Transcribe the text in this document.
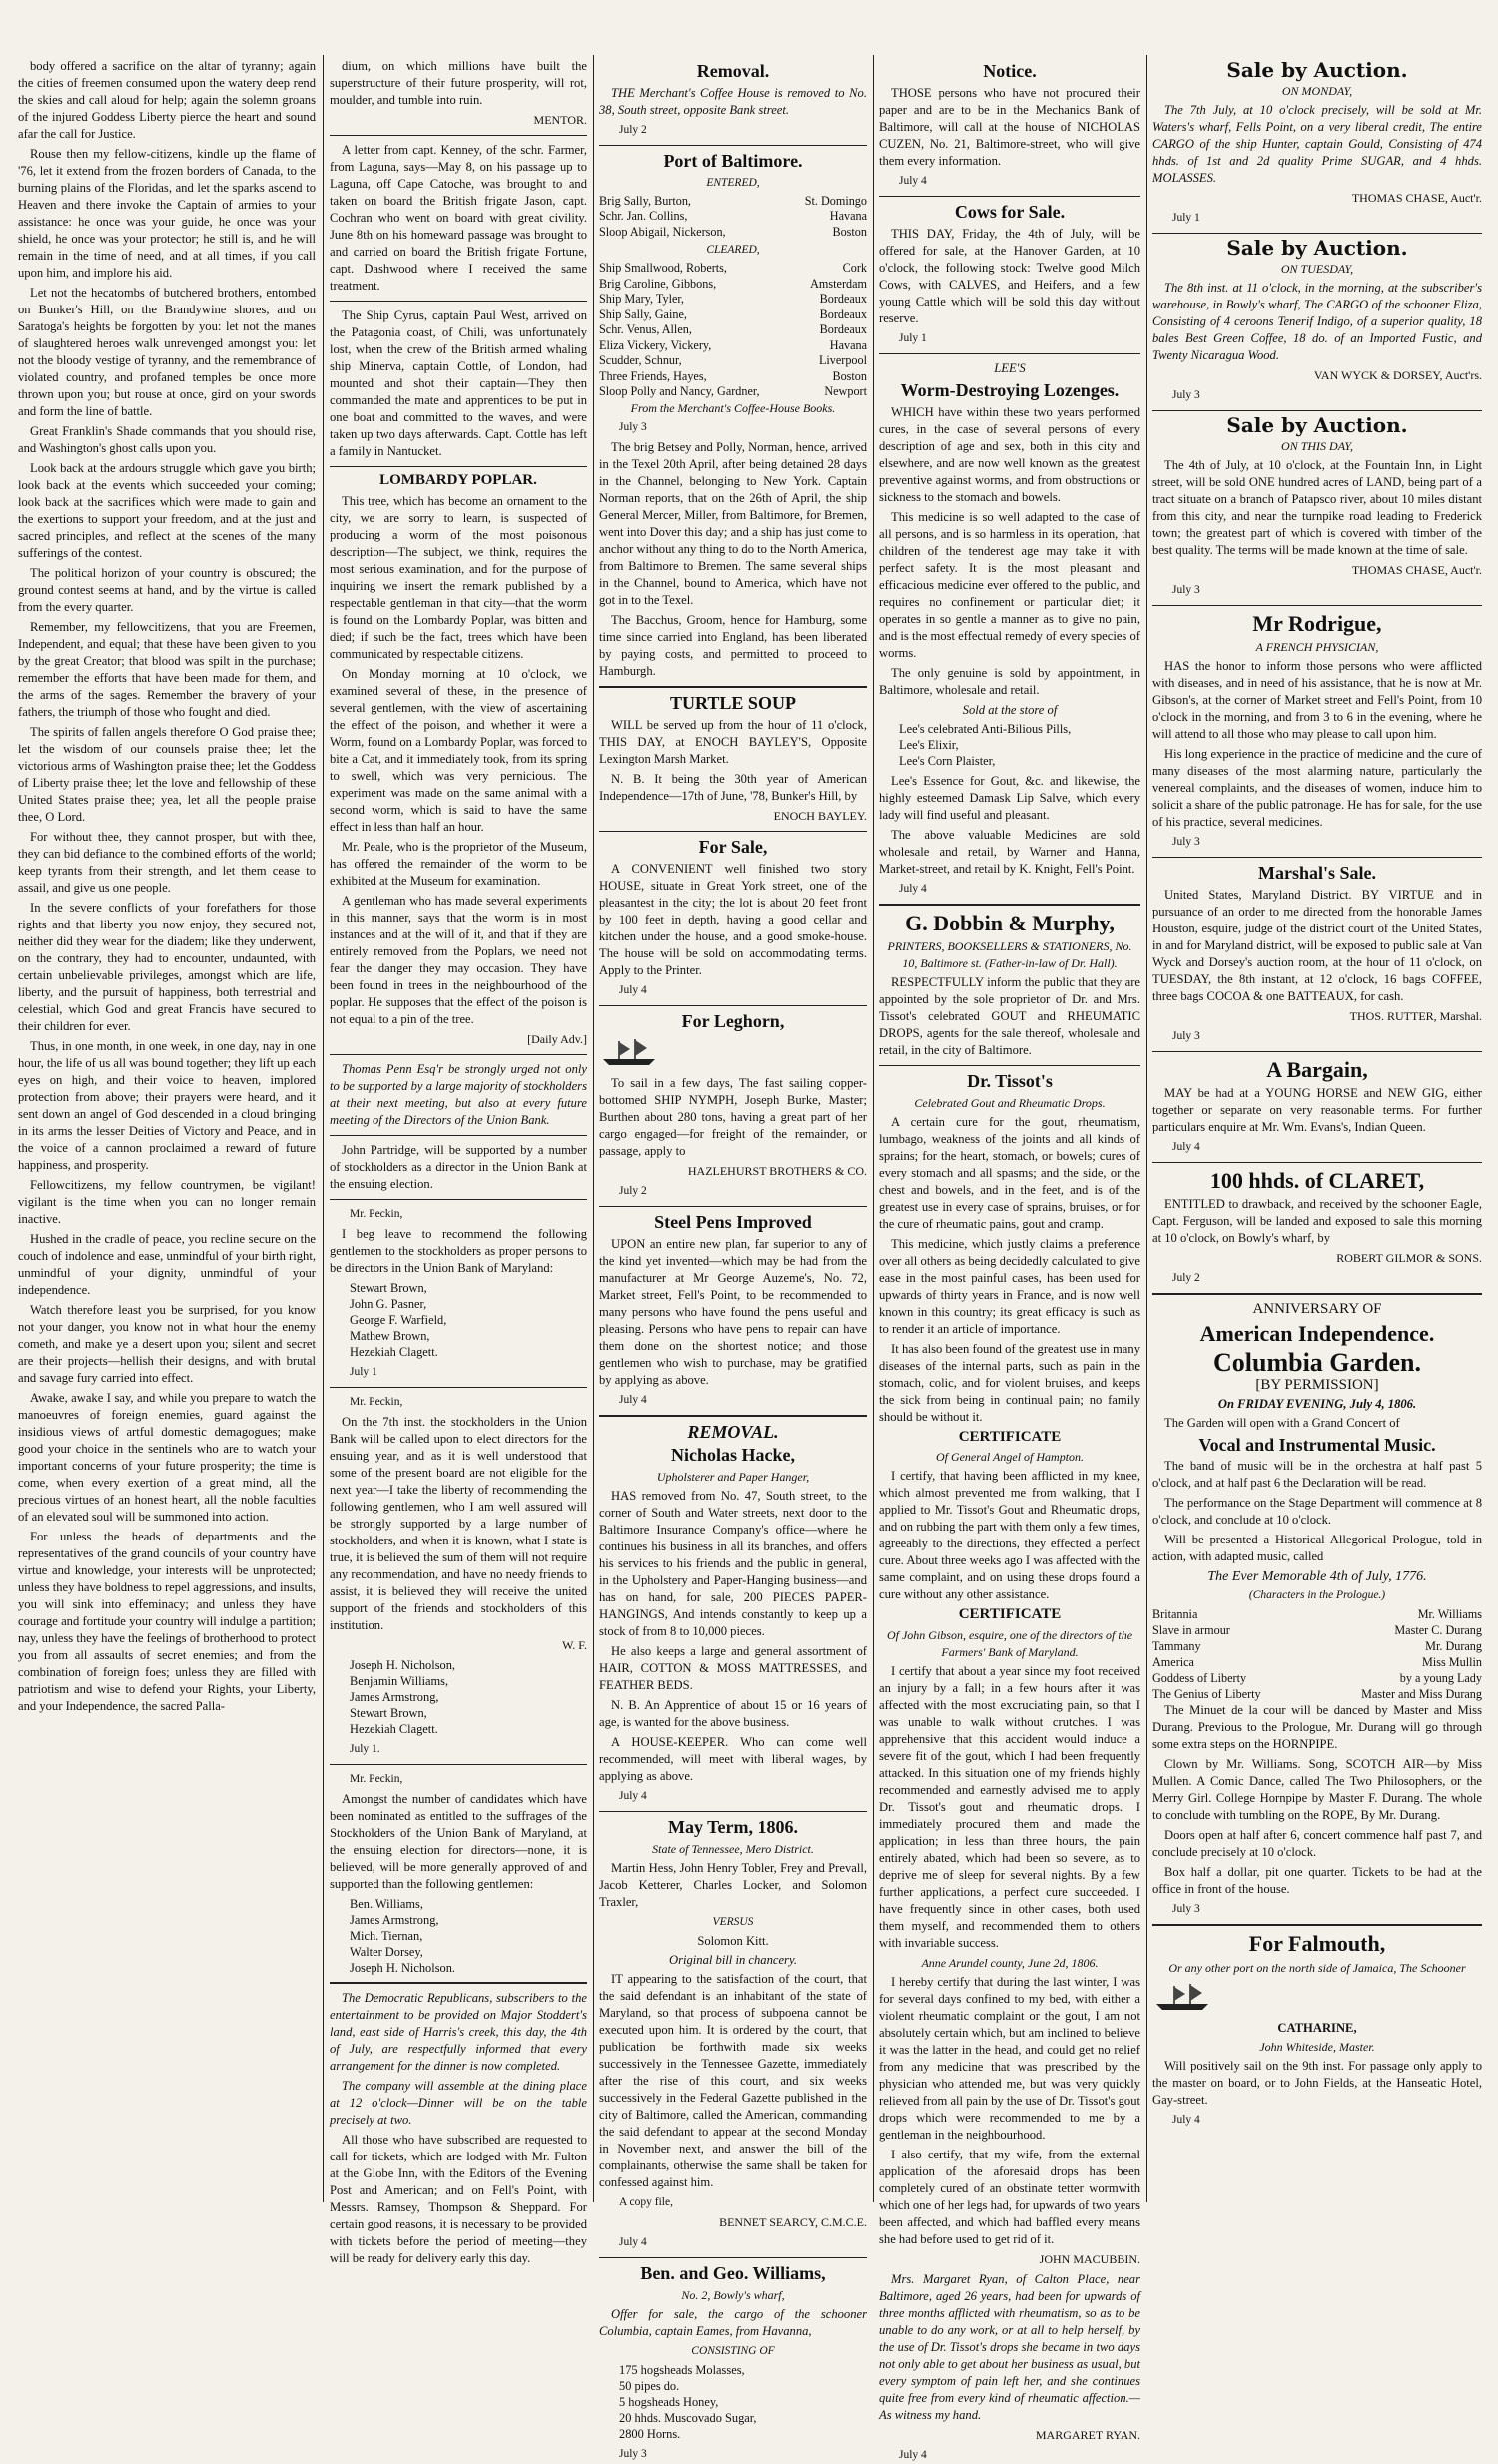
body offered a sacrifice on the altar of tyranny; again the cities of freemen consumed upon the watery deep rend the skies and call aloud for help; again the solemn groans of the injured Goddess Liberty pierce the heart and sound afar the call for Justice.

Rouse then my fellow-citizens, kindle up the flame of '76, let it extend from the frozen borders of Canada, to the burning plains of the Floridas, and let the sparks ascend to Heaven and there invoke the Captain of armies to your assistance: he once was your guide, he once was your shield, he once was your protector; he still is, and he will remain in the time of need, and at all times, if you call upon him, and implore his aid.

Let not the hecatombs of butchered brothers, entombed on Bunker's Hill, on the Brandywine shores, and on Saratoga's heights be forgotten by you: let not the manes of slaughtered heroes walk unrevenged amongst you: let not the bloody vestige of tyranny, and the remembrance of violated country, and profaned temples be once more thrown upon you; but rouse at once, gird on your swords and form the line of battle.

Great Franklin's Shade commands that you should rise, and Washington's ghost calls upon you.

Look back at the ardours struggle which gave you birth; look back at the events which succeeded your coming; look back at the sacrifices which were made to gain and the exertions to support your freedom, and at the just and sacred principles, and reflect at the scenes of the many sufferings of the contest.

The political horizon of your country is obscured; the ground contest seems at hand, and by the virtue is called from the every quarter.

Remember, my fellowcitizens, that you are Freemen, Independent, and equal; that these have been given to you by the great Creator; that blood was spilt in the purchase; remember the efforts that have been made for them, and the arms of the sages. Remember the bravery of your fathers, the triumph of those who fought and died.

The spirits of fallen angels therefore O God praise thee; let the wisdom of our counsels praise thee; let the victorious arms of Washington praise thee; let the Goddess of Liberty praise thee; let the love and fellowship of these United States praise thee; yea, let all the people praise thee, O Lord.

For without thee, they cannot prosper, but with thee, they can bid defiance to the combined efforts of the world; keep tyrants from their strength, and let them cease to assail, and give us one people.

In the severe conflicts of your forefathers for those rights and that liberty you now enjoy, they secured not, neither did they wear for the diadem; like they underwent, on the contrary, they had to encounter, undaunted, with certain unbelievable privileges, amongst which are life, liberty, and the pursuit of happiness, both terrestrial and celestial, which God and great Francis have secured to their children for ever.

Thus, in one month, in one week, in one day, nay in one hour, the life of us all was bound together; they lift up each eyes on high, and their voice to heaven, implored protection from above; their prayers were heard, and it sent down an angel of God descended in a cloud bringing in its arms the lesser Deities of Victory and Peace, and in the voice of a cannon proclaimed a reward of future happiness, and prosperity.

Fellowcitizens, my fellow countrymen, be vigilant! vigilant is the time when you can no longer remain inactive.

Hushed in the cradle of peace, you recline secure on the couch of indolence and ease, unmindful of your birth right, unmindful of your dignity, unmindful of your independence.

Watch therefore least you be surprised, for you know not your danger, you know not in what hour the enemy cometh, and make ye a desert upon you; silent and secret are their projects—hellish their designs, and with brutal and savage fury carried into effect.

Awake, awake I say, and while you prepare to watch the manoeuvres of foreign enemies, guard against the insidious views of artful domestic demagogues; make good your choice in the sentinels who are to watch your important concerns of your future prosperity; the time is come, when every exertion of a great mind, all the precious virtues of an honest heart, all the noble faculties of an elevated soul will be summoned into action.

For unless the heads of departments and the representatives of the grand councils of your country have virtue and knowledge, your interests will be unprotected; unless they have boldness to repel aggressions, and insults, you will sink into effeminacy; and unless they have courage and fortitude your country will indulge a partition; nay, unless they have the feelings of brotherhood to protect you from all assaults of secret enemies; and from the combination of foreign foes; unless they are filled with patriotism and wise to defend your Rights, your Liberty, and your Independence, the sacred Palla-

dium, on which millions have built the superstructure of their future prosperity, will rot, moulder, and tumble into ruin.

MENTOR.

A letter from capt. Kenney, of the schr. Farmer, from Laguna, says—May 8, on his passage up to Laguna, off Cape Catoche, was brought to and taken on board the British frigate Jason, capt. Cochran who went on board with great civility. June 8th on his homeward passage was brought to and carried on board the British frigate Fortune, capt. Dashwood where I received the same treatment.

The Ship Cyrus, captain Paul West, arrived on the Patagonia coast, of Chili, was unfortunately lost, when the crew of the British armed whaling ship Minerva, captain Cottle, of London, had mounted and shot their captain—They then commanded the mate and apprentices to be put in one boat and committed to the waves, and were taken up two days afterwards. Capt. Cottle has left a family in Nantucket.

LOMBARDY POPLAR.

This tree, which has become an ornament to the city, we are sorry to learn, is suspected of producing a worm of the most poisonous description—The subject, we think, requires the most serious examination, and for the purpose of inquiring we insert the remark published by a respectable gentleman in that city—that the worm is found on the Lombardy Poplar, was bitten and died; if such be the fact, trees which have been communicated by respectable citizens.

On Monday morning at 10 o'clock, we examined several of these, in the presence of several gentlemen, with the view of ascertaining the effect of the poison, and whether it were a Worm, found on a Lombardy Poplar, was forced to bite a Cat, and it immediately took, from its spring to swell, which was very pernicious. The experiment was made on the same animal with a second worm, which is said to have the same effect in less than half an hour.

Mr. Peale, who is the proprietor of the Museum, has offered the remainder of the worm to be exhibited at the Museum for examination.

A gentleman who has made several experiments in this manner, says that the worm is in most instances and at the will of it, and that if they are entirely removed from the Poplars, we need not fear the danger they may occasion. They have been found in trees in the neighbourhood of the poplar. He supposes that the effect of the poison is not equal to a pin of the tree.

[Daily Adv.]

Thomas Penn Esq'r be strongly urged not only to be supported by a large majority of stockholders at their next meeting, but also at every future meeting of the Directors of the Union Bank.

John Partridge, will be supported by a number of stockholders as a director in the Union Bank at the ensuing election.

Mr. Peckin,

I beg leave to recommend the following gentlemen to the stockholders as proper persons to be directors in the Union Bank of Maryland:

Stewart Brown,
John G. Pasner,
George F. Warfield,
Mathew Brown,
Hezekiah Clagett.
July 1
Mr. Peckin,

On the 7th inst. the stockholders in the Union Bank will be called upon to elect directors for the ensuing year, and as it is well understood that some of the present board are not eligible for the next year—I take the liberty of recommending the following gentlemen, who I am well assured will be strongly supported by a large number of stockholders, and when it is known, what I state is true, it is believed the sum of them will not require any recommendation, and have no needy friends to assist, it is believed they will receive the united support of the friends and stockholders of this institution.

W. F.
Joseph H. Nicholson,
Benjamin Williams,
James Armstrong,
Stewart Brown,
Hezekiah Clagett.
July 1.
Mr. Peckin,

Amongst the number of candidates which have been nominated as entitled to the suffrages of the Stockholders of the Union Bank of Maryland, at the ensuing election for directors—none, it is believed, will be more generally approved of and supported than the following gentlemen:

Ben. Williams,
James Armstrong,
Mich. Tiernan,
Walter Dorsey,
Joseph H. Nicholson.

The Democratic Republicans, subscribers to the entertainment to be provided on Major Stoddert's land, east side of Harris's creek, this day, the 4th of July, are respectfully informed that every arrangement for the dinner is now completed.

The company will assemble at the dining place at 12 o'clock—Dinner will be on the table precisely at two.

All those who have subscribed are requested to call for tickets, which are lodged with Mr. Fulton at the Globe Inn, with the Editors of the Evening Post and American; and on Fell's Point, with Messrs. Ramsey, Thompson & Sheppard. For certain good reasons, it is necessary to be provided with tickets before the period of meeting—they will be ready for delivery early this day.

Removal.

THE Merchant's Coffee House is removed to No. 38, South street, opposite Bank street.

July 2
Port of Baltimore.
ENTERED,
Brig Sally, Burton,	St. Domingo
Schr. Jan. Collins,	Havana
Sloop Abigail, Nickerson,	Boston
CLEARED,
Ship Smallwood, Roberts,	Cork
Brig Caroline, Gibbons,	Amsterdam
Ship Mary, Tyler,	Bordeaux
Ship Sally, Gaine,	Bordeaux
Schr. Venus, Allen,	Bordeaux
Eliza Vickery, Vickery,	Havana
Scudder, Schnur,	Liverpool
Three Friends, Hayes,	Boston
Sloop Polly and Nancy, Gardner,	Newport
From the Merchant's Coffee-House Books.
July 3

The brig Betsey and Polly, Norman, hence, arrived in the Texel 20th April, after being detained 28 days in the Channel, belonging to New York. Captain Norman reports, that on the 26th of April, the ship General Mercer, Miller, from Baltimore, for Bremen, went into Dover this day; and a ship has just come to anchor without any thing to do to the North America, from Baltimore to Bremen. The same several ships in the Channel, bound to America, which have not got in to the Texel.

The Bacchus, Groom, hence for Hamburg, some time since carried into England, has been liberated by paying costs, and permitted to proceed to Hamburgh.

TURTLE SOUP

WILL be served up from the hour of 11 o'clock, THIS DAY, at ENOCH BAYLEY'S, Opposite Lexington Marsh Market.

N. B. It being the 30th year of American Independence—17th of June, '78, Bunker's Hill, by

ENOCH BAYLEY.
For Sale,

A CONVENIENT well finished two story HOUSE, situate in Great York street, one of the pleasantest in the city; the lot is about 20 feet front by 100 feet in depth, having a good cellar and kitchen under the house, and a good smoke-house. The house will be sold on accommodating terms. Apply to the Printer.

July 4
For Leghorn,

To sail in a few days, The fast sailing copper-bottomed SHIP NYMPH, Joseph Burke, Master; Burthen about 280 tons, having a great part of her cargo engaged—for freight of the remainder, or passage, apply to

HAZLEHURST BROTHERS & CO.
July 2
Steel Pens Improved

UPON an entire new plan, far superior to any of the kind yet invented—which may be had from the manufacturer at Mr George Auzeme's, No. 72, Market street, Fell's Point, to be recommended to many persons who have found the pens useful and pleasing. Persons who have pens to repair can have them done on the shortest notice; and those gentlemen who wish to purchase, may be gratified by applying as above.

July 4
REMOVAL.
Nicholas Hacke,
Upholsterer and Paper Hanger,

HAS removed from No. 47, South street, to the corner of South and Water streets, next door to the Baltimore Insurance Company's office—where he continues his business in all its branches, and offers his services to his friends and the public in general, in the Upholstery and Paper-Hanging business—and has on hand, for sale, 200 PIECES PAPER-HANGINGS, And intends constantly to keep up a stock of from 8 to 10,000 pieces.

He also keeps a large and general assortment of HAIR, COTTON & MOSS MATTRESSES, and FEATHER BEDS.

N. B. An Apprentice of about 15 or 16 years of age, is wanted for the above business.

A HOUSE-KEEPER. Who can come well recommended, will meet with liberal wages, by applying as above.

July 4
May Term, 1806.
State of Tennessee, Mero District.

Martin Hess, John Henry Tobler, Frey and Prevall, Jacob Ketterer, Charles Locker, and Solomon Traxler,

VERSUS
Solomon Kitt.
Original bill in chancery.

IT appearing to the satisfaction of the court, that the said defendant is an inhabitant of the state of Maryland, so that process of subpoena cannot be executed upon him. It is ordered by the court, that publication be forthwith made six weeks successively in the Tennessee Gazette, immediately after the rise of this court, and six weeks successively in the Federal Gazette published in the city of Baltimore, called the American, commanding the said defendant to appear at the second Monday in November next, and answer the bill of the complainants, otherwise the same shall be taken for confessed against him.

A copy file,
BENNET SEARCY, C.M.C.E.
July 4
Ben. and Geo. Williams,
No. 2, Bowly's wharf,

Offer for sale, the cargo of the schooner Columbia, captain Eames, from Havanna,

CONSISTING OF
175 hogsheads Molasses,
50 pipes do.
5 hogsheads Honey,
20 hhds. Muscovado Sugar,
2800 Horns.
July 3
Notice.

THOSE persons who have not procured their paper and are to be in the Mechanics Bank of Baltimore, will call at the house of NICHOLAS CUZEN, No. 21, Baltimore-street, who will give them every information.

July 4
Cows for Sale.

THIS DAY, Friday, the 4th of July, will be offered for sale, at the Hanover Garden, at 10 o'clock, the following stock: Twelve good Milch Cows, with CALVES, and Heifers, and a few young Cattle which will be sold this day without reserve.

July 1
LEE'S
Worm-Destroying Lozenges.

WHICH have within these two years performed cures, in the case of several persons of every description of age and sex, both in this city and elsewhere, and are now well known as the greatest preventive against worms, and from obstructions or sickness to the stomach and bowels.

This medicine is so well adapted to the case of all persons, and is so harmless in its operation, that children of the tenderest age may take it with perfect safety. It is the most pleasant and efficacious medicine ever offered to the public, and requires no confinement or particular diet; it operates in so gentle a manner as to give no pain, and is the most effectual remedy of every species of worms.

The only genuine is sold by appointment, in Baltimore, wholesale and retail.

Sold at the store of
Lee's celebrated Anti-Bilious Pills,
Lee's Elixir,
Lee's Corn Plaister,

Lee's Essence for Gout, &c. and likewise, the highly esteemed Damask Lip Salve, which every lady will find useful and pleasant.

The above valuable Medicines are sold wholesale and retail, by Warner and Hanna, Market-street, and retail by K. Knight, Fell's Point.

July 4
G. Dobbin & Murphy,
PRINTERS, BOOKSELLERS & STATIONERS, No. 10, Baltimore st. (Father-in-law of Dr. Hall).

RESPECTFULLY inform the public that they are appointed by the sole proprietor of Dr. and Mrs. Tissot's celebrated GOUT and RHEUMATIC DROPS, agents for the sale thereof, wholesale and retail, in the city of Baltimore.

Dr. Tissot's
Celebrated Gout and Rheumatic Drops.

A certain cure for the gout, rheumatism, lumbago, weakness of the joints and all kinds of sprains; for the heart, stomach, or bowels; cures of every stomach and all spasms; and the side, or the chest and bowels, and in the feet, and is of the greatest use in every case of sprains, bruises, or for the cure of rheumatic pains, gout and cramp.

This medicine, which justly claims a preference over all others as being decidedly calculated to give ease in the most painful cases, has been used for upwards of thirty years in France, and is now well known in this country; its great efficacy is such as to render it an article of importance.

It has also been found of the greatest use in many diseases of the internal parts, such as pain in the stomach, colic, and for violent bruises, and keeps the sick from being in continual pain; no family should be without it.

CERTIFICATE
Of General Angel of Hampton.

I certify, that having been afflicted in my knee, which almost prevented me from walking, that I applied to Mr. Tissot's Gout and Rheumatic drops, and on rubbing the part with them only a few times, agreeably to the directions, they effected a perfect cure. About three weeks ago I was affected with the same complaint, and on using these drops found a cure without any other assistance.

CERTIFICATE
Of John Gibson, esquire, one of the directors of the Farmers' Bank of Maryland.

I certify that about a year since my foot received an injury by a fall; in a few hours after it was affected with the most excruciating pain, so that I was unable to walk without crutches. I was apprehensive that this accident would induce a severe fit of the gout, which I had been frequently attacked. In this situation one of my friends highly recommended and earnestly advised me to apply Dr. Tissot's gout and rheumatic drops. I immediately procured them and made the application; in less than three hours, the pain entirely abated, which had been so severe, as to deprive me of sleep for several nights. By a few further applications, a perfect cure succeeded. I have frequently since in other cases, both used them myself, and recommended them to others with invariable success.

Anne Arundel county, June 2d, 1806.

I hereby certify that during the last winter, I was for several days confined to my bed, with either a violent rheumatic complaint or the gout, I am not absolutely certain which, but am inclined to believe it was the latter in the head, and could get no relief from any medicine that was prescribed by the physician who attended me, but was very quickly relieved from all pain by the use of Dr. Tissot's gout drops which were recommended to me by a gentleman in the neighbourhood.

I also certify, that my wife, from the external application of the aforesaid drops has been completely cured of an obstinate tetter wormwith which one of her legs had, for upwards of two years been affected, and which had baffled every means she had before used to get rid of it.

JOHN MACUBBIN.

Mrs. Margaret Ryan, of Calton Place, near Baltimore, aged 26 years, had been for upwards of three months afflicted with rheumatism, so as to be unable to do any work, or at all to help herself, by the use of Dr. Tissot's drops she became in two days not only able to get about her business as usual, but every symptom of pain left her, and she continues quite free from every kind of rheumatic affection.—As witness my hand.

MARGARET RYAN.
July 4
Sale by Auction.
ON MONDAY,

The 7th July, at 10 o'clock precisely, will be sold at Mr. Waters's wharf, Fells Point, on a very liberal credit, The entire CARGO of the ship Hunter, captain Gould, Consisting of 474 hhds. of 1st and 2d quality Prime SUGAR, and 4 hhds. MOLASSES.

THOMAS CHASE, Auct'r.
July 1
Sale by Auction.
ON TUESDAY,

The 8th inst. at 11 o'clock, in the morning, at the subscriber's warehouse, in Bowly's wharf, The CARGO of the schooner Eliza, Consisting of 4 ceroons Tenerif Indigo, of a superior quality, 18 bales Best Green Coffee, 18 do. of an Imported Fustic, and Twenty Nicaragua Wood.

VAN WYCK & DORSEY, Auct'rs.
July 3
Sale by Auction.
ON THIS DAY,

The 4th of July, at 10 o'clock, at the Fountain Inn, in Light street, will be sold ONE hundred acres of LAND, being part of a tract situate on a branch of Patapsco river, about 10 miles distant from this city, and near the turnpike road leading to Frederick town; the greatest part of which is covered with timber of the best quality. The terms will be made known at the time of sale.

THOMAS CHASE, Auct'r.
July 3
Mr Rodrigue,
A FRENCH PHYSICIAN,

HAS the honor to inform those persons who were afflicted with diseases, and in need of his assistance, that he is now at Mr. Gibson's, at the corner of Market street and Fell's Point, from 10 o'clock in the morning, and from 3 to 6 in the evening, where he will attend to all those who may please to call upon him.

His long experience in the practice of medicine and the cure of many diseases of the most alarming nature, particularly the venereal complaints, and the diseases of women, induce him to solicit a share of the public patronage. He has for sale, for the use of his practice, several medicines.

July 3
Marshal's Sale.

United States, Maryland District. BY VIRTUE and in pursuance of an order to me directed from the honorable James Houston, esquire, judge of the district court of the United States, in and for Maryland district, will be exposed to public sale at Van Wyck and Dorsey's auction room, at the hour of 11 o'clock, on TUESDAY, the 8th instant, at 12 o'clock, 16 bags COFFEE, three bags COCOA & one BATTEAUX, for cash.

THOS. RUTTER, Marshal.
July 3
A Bargain,

MAY be had at a YOUNG HORSE and NEW GIG, either together or separate on very reasonable terms. For further particulars enquire at Mr. Wm. Evans's, Indian Queen.

July 4
100 hhds. of CLARET,

ENTITLED to drawback, and received by the schooner Eagle, Capt. Ferguson, will be landed and exposed to sale this morning at 10 o'clock, on Bowly's wharf, by

ROBERT GILMOR & SONS.
July 2
ANNIVERSARY OF
American Independence.
Columbia Garden.
[BY PERMISSION]
On FRIDAY EVENING, July 4, 1806.

The Garden will open with a Grand Concert of

Vocal and Instrumental Music.

The band of music will be in the orchestra at half past 5 o'clock, and at half past 6 the Declaration will be read.

The performance on the Stage Department will commence at 8 o'clock, and conclude at 10 o'clock.

Will be presented a Historical Allegorical Prologue, told in action, with adapted music, called

The Ever Memorable 4th of July, 1776.
(Characters in the Prologue.)
Britannia	Mr. Williams
Slave in armour	Master C. Durang
Tammany	Mr. Durang
America	Miss Mullin
Goddess of Liberty	by a young Lady
The Genius of Liberty	Master and Miss Durang

The Minuet de la cour will be danced by Master and Miss Durang. Previous to the Prologue, Mr. Durang will go through some extra steps on the HORNPIPE.

Clown by Mr. Williams. Song, SCOTCH AIR—by Miss Mullen. A Comic Dance, called The Two Philosophers, or the Merry Girl. College Hornpipe by Master F. Durang. The whole to conclude with tumbling on the ROPE, By Mr. Durang.

Doors open at half after 6, concert commence half past 7, and conclude precisely at 10 o'clock.

Box half a dollar, pit one quarter. Tickets to be had at the office in front of the house.

July 3
For Falmouth,
Or any other port on the north side of Jamaica, The Schooner
CATHARINE,
John Whiteside, Master.

Will positively sail on the 9th inst. For passage only apply to the master on board, or to John Fields, at the Hanseatic Hotel, Gay-street.

July 4
